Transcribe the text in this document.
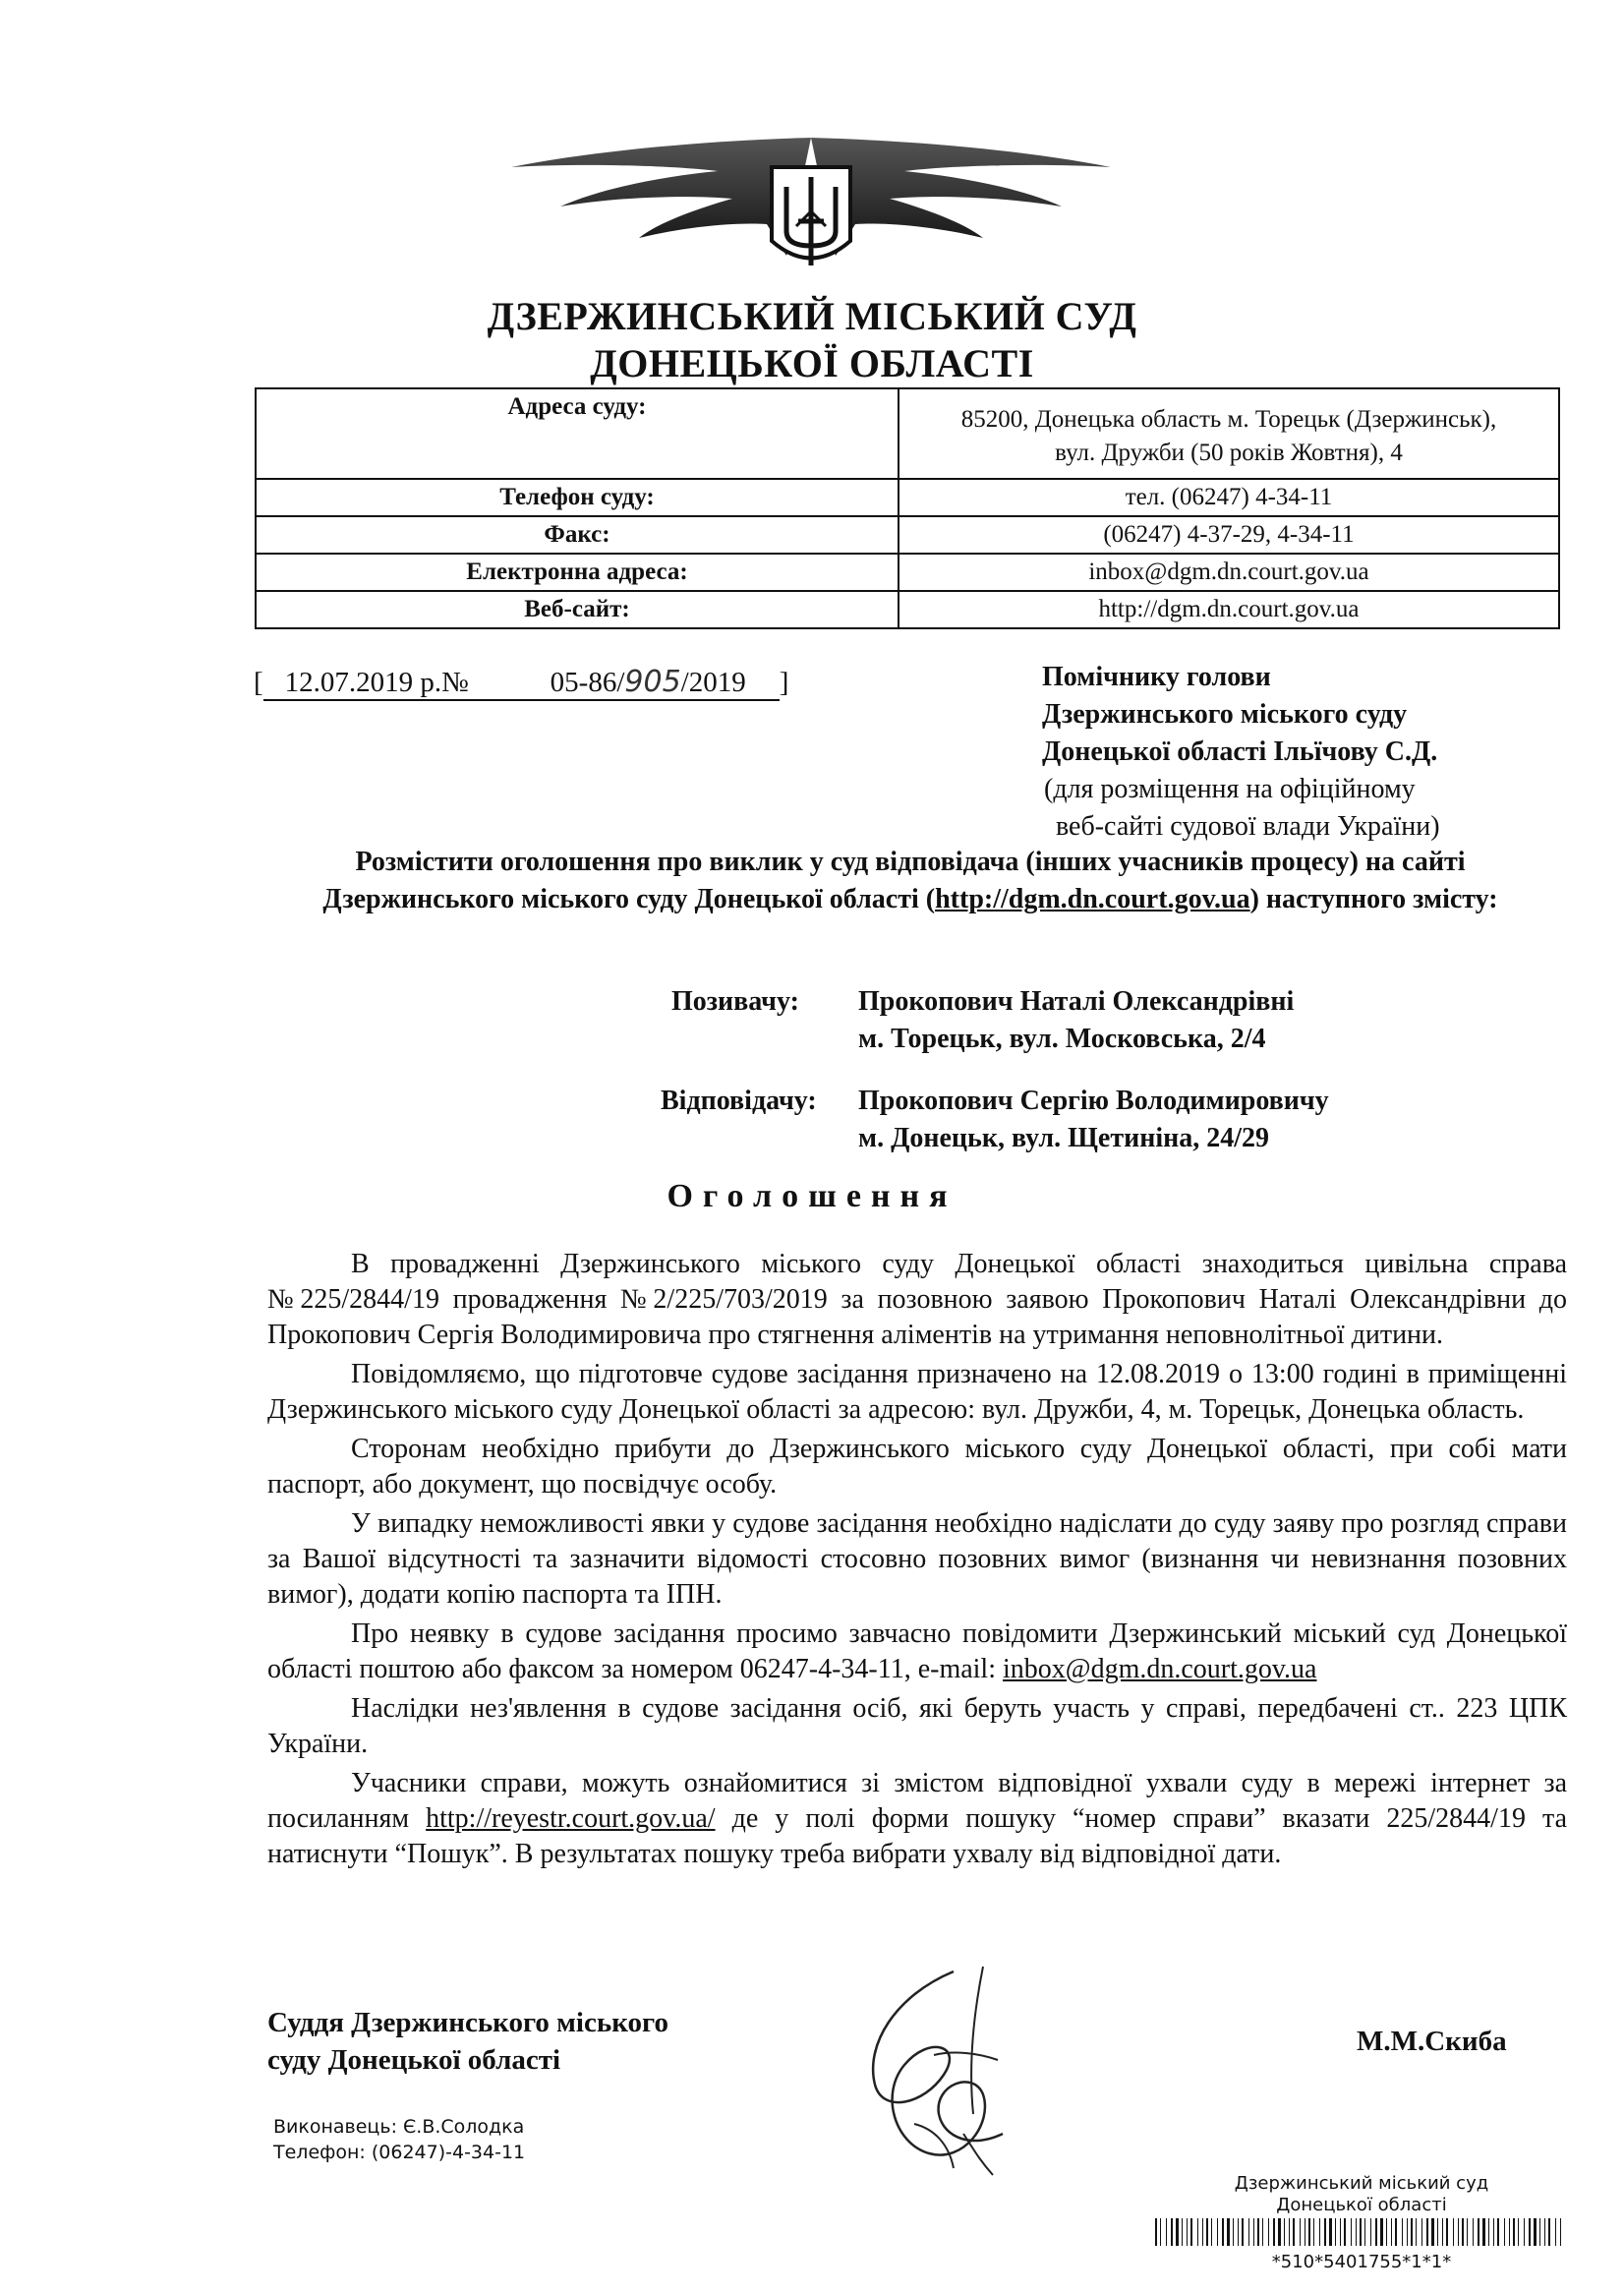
ДЗЕРЖИНСЬКИЙ МІСЬКИЙ СУД
ДОНЕЦЬКОЇ ОБЛАСТІ
Адреса суду:	85200, Донецька область м. Торецьк (Дзержинськ),
вул. Дружби (50 років Жовтня), 4

Телефон суду:	тел. (06247) 4-34-11
Факс:	(06247) 4-37-29, 4-34-11
Електронна адреса:	inbox@dgm.dn.court.gov.ua
Веб-сайт:	http://dgm.dn.court.gov.ua
[ 12.07.2019 р.№	05-86/905/2019 ]	Помічнику голови
Дзержинського міського суду
Донецької області Ільїчову С.Д.
(для розміщення на офіційному
веб-сайті судової влади України)
Розмістити оголошення про виклик у суд відповідача (інших учасників процесу) на сайті
Дзержинського міського суду Донецької області (http://dgm.dn.court.gov.ua) наступного змісту:
Позивачу: Прокопович Наталі Олександрівні
м. Торецьк, вул. Московська, 2/4
Відповідачу: Прокопович Сергію Володимировичу
м. Донецьк, вул. Щетиніна, 24/29
Оголошення

В провадженні Дзержинського міського суду Донецької області знаходиться цивільна справа №225/2844/19 провадження №2/225/703/2019 за позовною заявою Прокопович Наталі Олександрівни до Прокопович Сергія Володимировича про стягнення аліментів на утримання неповнолітньої дитини.

Повідомляємо, що підготовче судове засідання призначено на 12.08.2019 о 13:00 годині в приміщенні Дзержинського міського суду Донецької області за адресою: вул. Дружби, 4, м. Торецьк, Донецька область.

Сторонам необхідно прибути до Дзержинського міського суду Донецької області, при собі мати паспорт, або документ, що посвідчує особу.

У випадку неможливості явки у судове засідання необхідно надіслати до суду заяву про розгляд справи за Вашої відсутності та зазначити відомості стосовно позовних вимог (визнання чи невизнання позовних вимог), додати копію паспорта та ІПН.

Про неявку в судове засідання просимо завчасно повідомити Дзержинський міський суд Донецької області поштою або факсом за номером 06247-4-34-11, e-mail: inbox@dgm.dn.court.gov.ua

Наслідки нез'явлення в судове засідання осіб, які беруть участь у справі, передбачені ст.. 223 ЦПК України.

Учасники справи, можуть ознайомитися зі змістом відповідної ухвали суду в мережі інтернет за посиланням http://reyestr.court.gov.ua/ де у полі форми пошуку “номер справи” вказати 225/2844/19 та натиснути “Пошук”. В результатах пошуку треба вибрати ухвалу від відповідної дати.

Суддя Дзержинського міського
суду Донецької області
М.М.Скиба
Виконавець: Є.В.Солодка
Телефон: (06247)-4-34-11
Дзержинський міський суд
Донецької області
*510*5401755*1*1*
